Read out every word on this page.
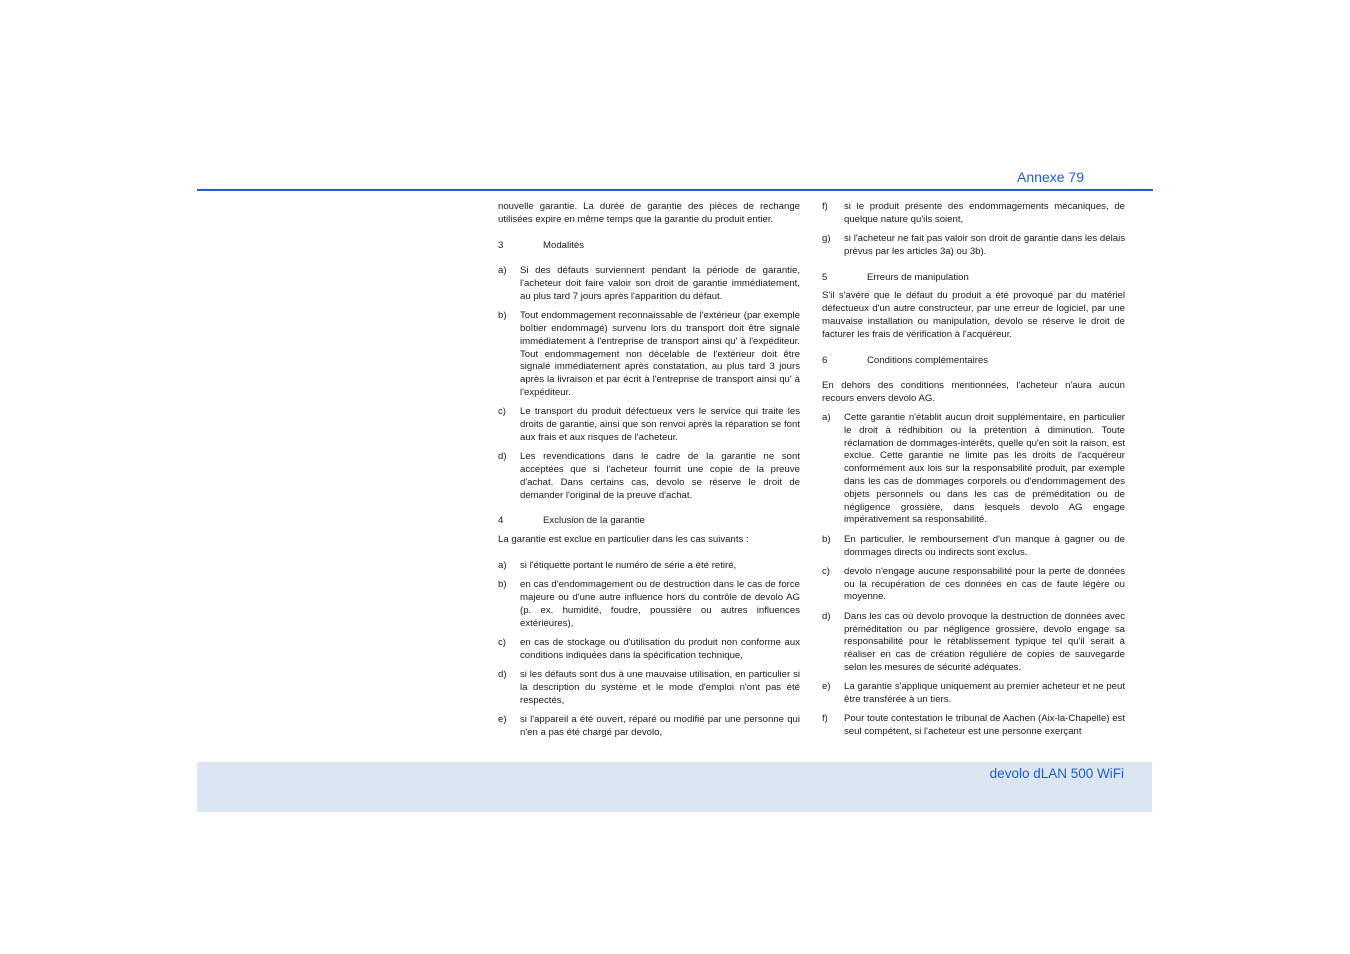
Annexe 79

nouvelle garantie. La durée de garantie des pièces de rechange utilisées expire en même temps que la garantie du produit entier.

3	Modalités
a)	Si des défauts surviennent pendant la période de garantie, l'acheteur doit faire valoir son droit de garantie immédiatement, au plus tard 7 jours après l'apparition du défaut.
b)	Tout endommagement reconnaissable de l'extérieur (par exemple boîtier endommagé) survenu lors du transport doit être signalé immédiatement à l'entreprise de transport ainsi qu' à l'expéditeur. Tout endommagement non décelable de l'extérieur doit être signalé immédiatement après constatation, au plus tard 3 jours après la livraison et par écrit à l'entreprise de transport ainsi qu' à l'expéditeur.
c)	Le transport du produit défectueux vers le service qui traite les droits de garantie, ainsi que son renvoi après la réparation se font aux frais et aux risques de l'acheteur.
d)	Les revendications dans le cadre de la garantie ne sont acceptées que si l'acheteur fournit une copie de la preuve d'achat. Dans certains cas, devolo se réserve le droit de demander l'original de la preuve d'achat.
4	Exclusion de la garantie

La garantie est exclue en particulier dans les cas suivants :

a)	si l'étiquette portant le numéro de série a été retiré,
b)	en cas d'endommagement ou de destruction dans le cas de force majeure ou d'une autre influence hors du contrôle de devolo AG (p. ex. humidité, foudre, poussière ou autres influences extérieures),
c)	en cas de stockage ou d'utilisation du produit non conforme aux conditions indiquées dans la spécification technique,
d)	si les défauts sont dus à une mauvaise utilisation, en particulier si la description du système et le mode d'emploi n'ont pas été respectés,
e)	si l'appareil a été ouvert, réparé ou modifié par une personne qui n'en a pas été chargé par devolo,
f)	si le produit présente des endommagements mécaniques, de quelque nature qu'ils soient,
g)	si l'acheteur ne fait pas valoir son droit de garantie dans les délais prévus par les articles 3a) ou 3b).
5	Erreurs de manipulation

S'il s'avère que le défaut du produit a été provoqué par du matériel défectueux d'un autre constructeur, par une erreur de logiciel, par une mauvaise installation ou manipulation, devolo se réserve le droit de facturer les frais de vérification à l'acquéreur.

6	Conditions complémentaires

En dehors des conditions mentionnées, l'acheteur n'aura aucun recours envers devolo AG.

a)	Cette garantie n'établit aucun droit supplémentaire, en particulier le droit à rédhibition ou la prétention à diminution. Toute réclamation de dommages-intérêts, quelle qu'en soit la raison, est exclue. Cette garantie ne limite pas les droits de l'acquéreur conformément aux lois sur la responsabilité produit, par exemple dans les cas de dommages corporels ou d'endommagement des objets personnels ou dans les cas de préméditation ou de négligence grossière, dans lesquels devolo AG engage impérativement sa responsabilité.
b)	En particulier, le remboursement d'un manque à gagner ou de dommages directs ou indirects sont exclus.
c)	devolo n'engage aucune responsabilité pour la perte de données ou la récupération de ces données en cas de faute légère ou moyenne.
d)	Dans les cas où devolo provoque la destruction de données avec préméditation ou par négligence grossière, devolo engage sa responsabilité pour le rétablissement typique tel qu'il serait à réaliser en cas de création régulière de copies de sauvegarde selon les mesures de sécurité adéquates.
e)	La garantie s'applique uniquement au premier acheteur et ne peut être transférée à un tiers.
f)	Pour toute contestation le tribunal de Aachen (Aix-la-Chapelle) est seul compétent, si l'acheteur est une personne exerçant
devolo dLAN 500 WiFi
